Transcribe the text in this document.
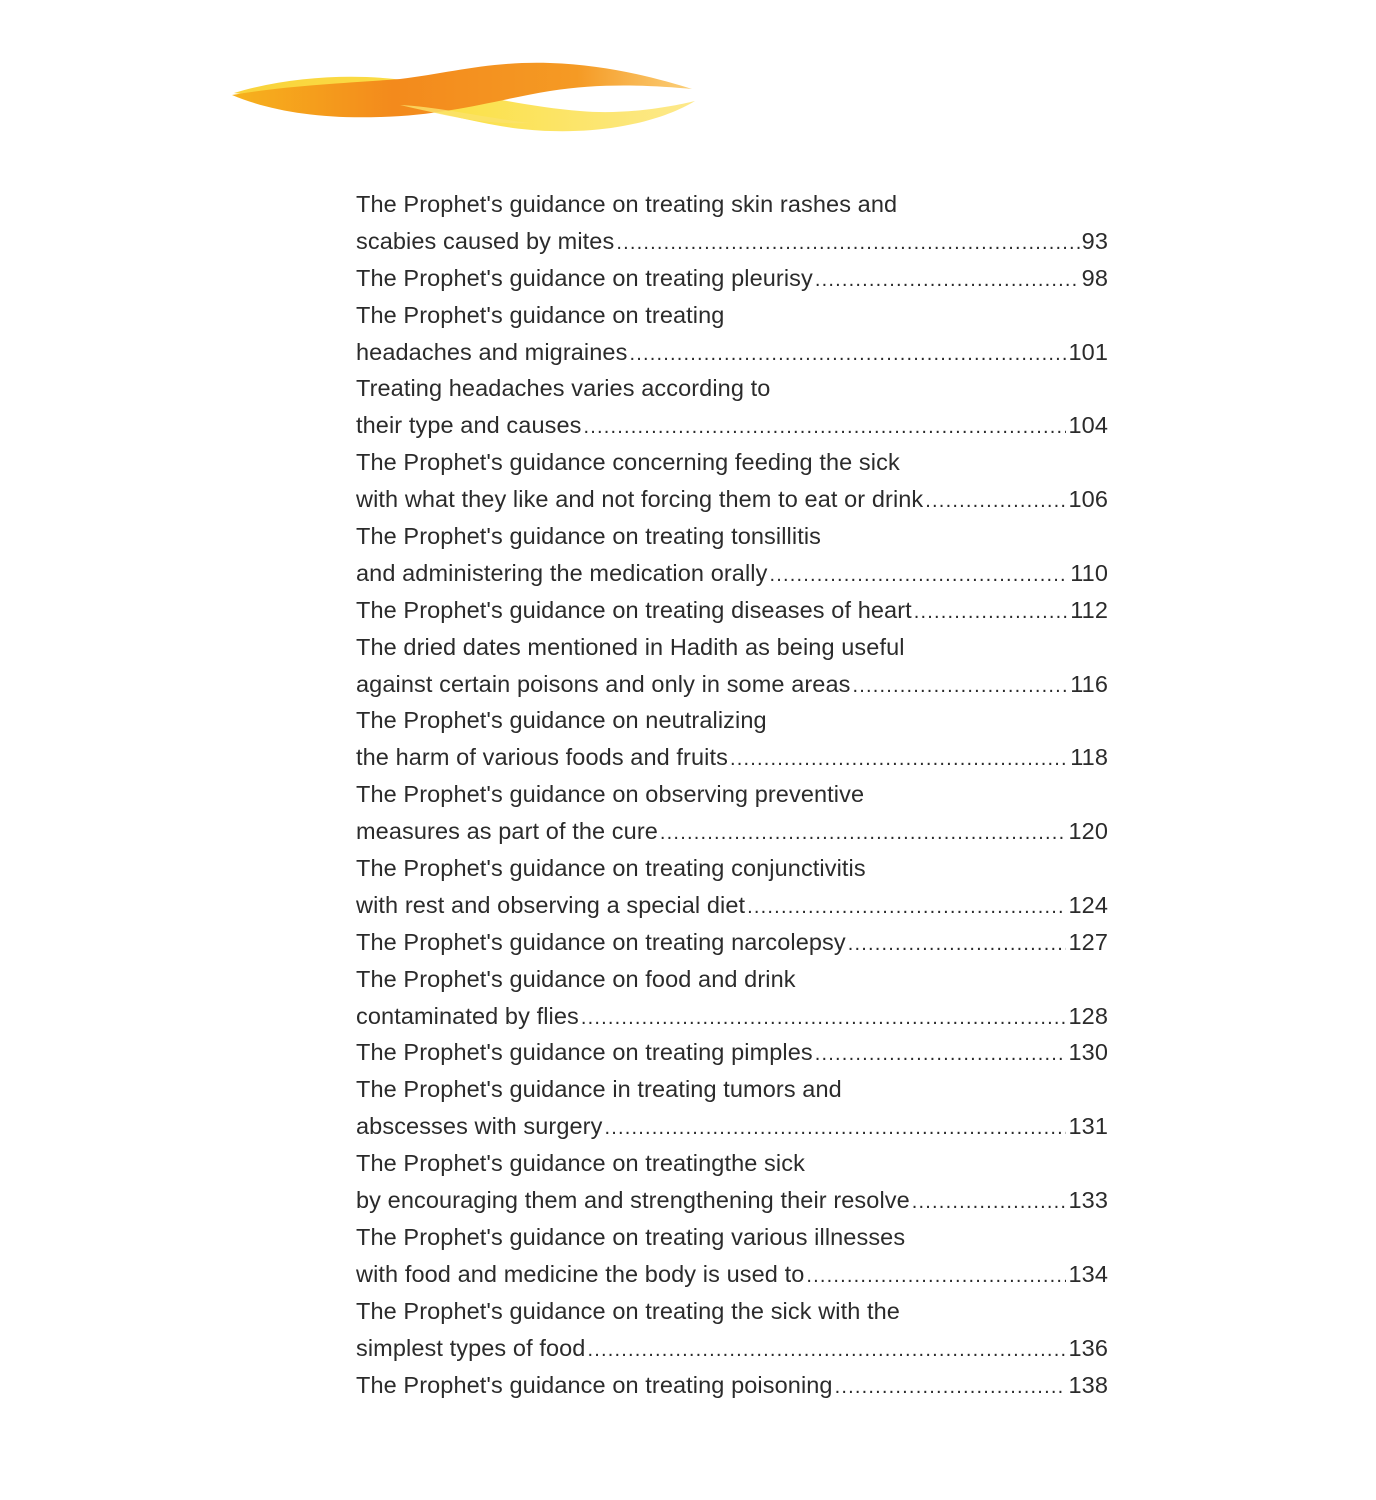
The Prophet's guidance on treating skin rashes and
scabies caused by mites .....	93
The Prophet's guidance on treating pleurisy .....	98
The Prophet's guidance on treating
headaches and migraines .....	101
Treating headaches varies according to
their type and causes .....	104
The Prophet's guidance concerning feeding the sick
with what they like and not forcing them to eat or drink .....	106
The Prophet's guidance on treating tonsillitis
and administering the medication orally .....	110
The Prophet's guidance on treating diseases of heart .....	112
The dried dates mentioned in Hadith as being useful
against certain poisons and only in some areas .....	116
The Prophet's guidance on neutralizing
the harm of various foods and fruits .....	118
The Prophet's guidance on observing preventive
measures as part of the cure .....	120
The Prophet's guidance on treating conjunctivitis
with rest and observing a special diet .....	124
The Prophet's guidance on treating narcolepsy .....	127
The Prophet's guidance on food and drink
contaminated by flies .....	128
The Prophet's guidance on treating pimples .....	130
The Prophet's guidance in treating tumors and
abscesses with surgery .....	131
The Prophet's guidance on treatingthe sick
by encouraging them and strengthening their resolve .....	133
The Prophet's guidance on treating various illnesses
with food and medicine the body is used to .....	134
The Prophet's guidance on treating the sick with the
simplest types of food .....	136
The Prophet's guidance on treating poisoning .....	138
